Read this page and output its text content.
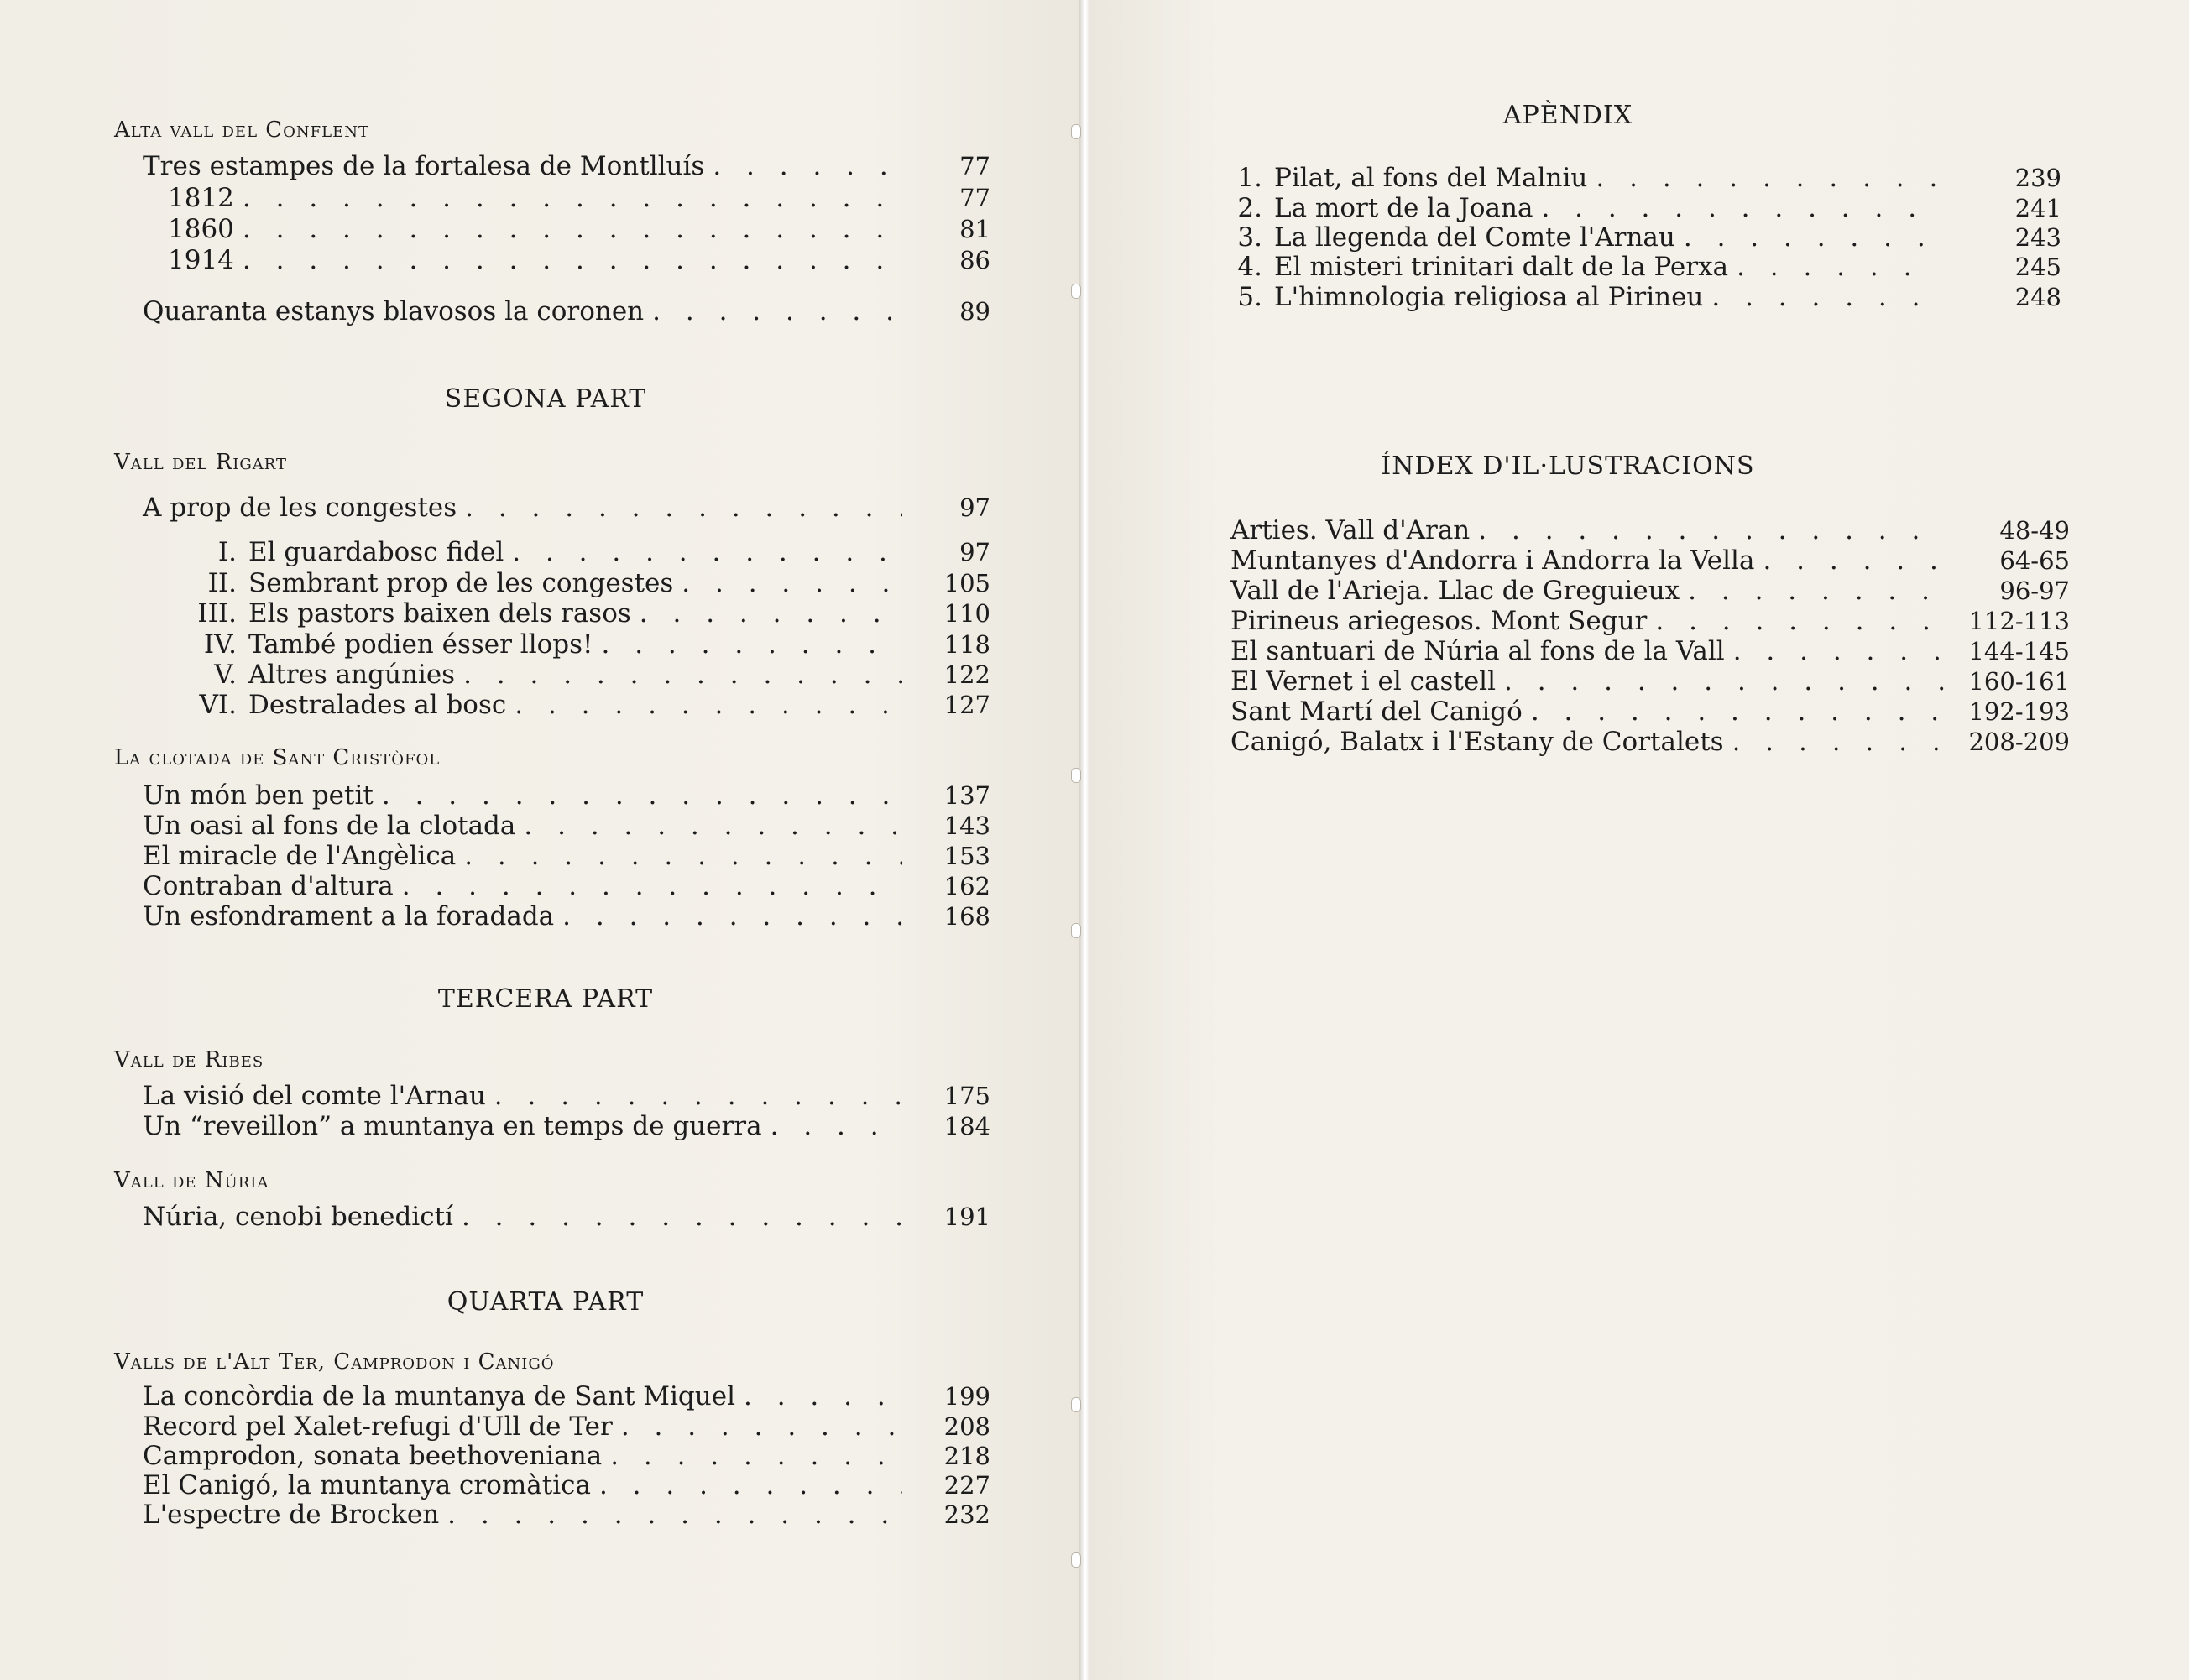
Alta vall del Conflent
Tres estampes de la fortalesa de Montlluís . . .	77
1812 . . .	77
1860 . . .	81
1914 . . .	86
Quaranta estanys blavosos la coronen . . .	89
SEGONA PART
Vall del Rigart
A prop de les congestes . . .	97
I. El guardabosc fidel . . .	97
II. Sembrant prop de les congestes . . .	105
III. Els pastors baixen dels rasos . . .	110
IV. També podien ésser llops! . . .	118
V. Altres angúnies . . .	122
VI. Destralades al bosc . . .	127
La clotada de Sant Cristòfol
Un món ben petit . . .	137
Un oasi al fons de la clotada . . .	143
El miracle de l'Angèlica . . .	153
Contraban d'altura . . .	162
Un esfondrament a la foradada . . .	168
TERCERA PART
Vall de Ribes
La visió del comte l'Arnau . . .	175
Un “reveillon” a muntanya en temps de guerra . . .	184
Vall de Núria
Núria, cenobi benedictí . . .	191
QUARTA PART
Valls de l'Alt Ter, Camprodon i Canigó
La concòrdia de la muntanya de Sant Miquel . . .	199
Record pel Xalet-refugi d'Ull de Ter . . .	208
Camprodon, sonata beethoveniana . . .	218
El Canigó, la muntanya cromàtica . . .	227
L'espectre de Brocken . . .	232
APÈNDIX
1. Pilat, al fons del Malniu . . .	239
2. La mort de la Joana . . .	241
3. La llegenda del Comte l'Arnau . . .	243
4. El misteri trinitari dalt de la Perxa . . .	245
5. L'himnologia religiosa al Pirineu . . .	248
ÍNDEX D'IL·LUSTRACIONS
Arties. Vall d'Aran . . .	48-49
Muntanyes d'Andorra i Andorra la Vella . . .	64-65
Vall de l'Arieja. Llac de Greguieux . . .	96-97
Pirineus ariegesos. Mont Segur . . .	112-113
El santuari de Núria al fons de la Vall . . .	144-145
El Vernet i el castell . . .	160-161
Sant Martí del Canigó . . .	192-193
Canigó, Balatx i l'Estany de Cortalets . . .	208-209
